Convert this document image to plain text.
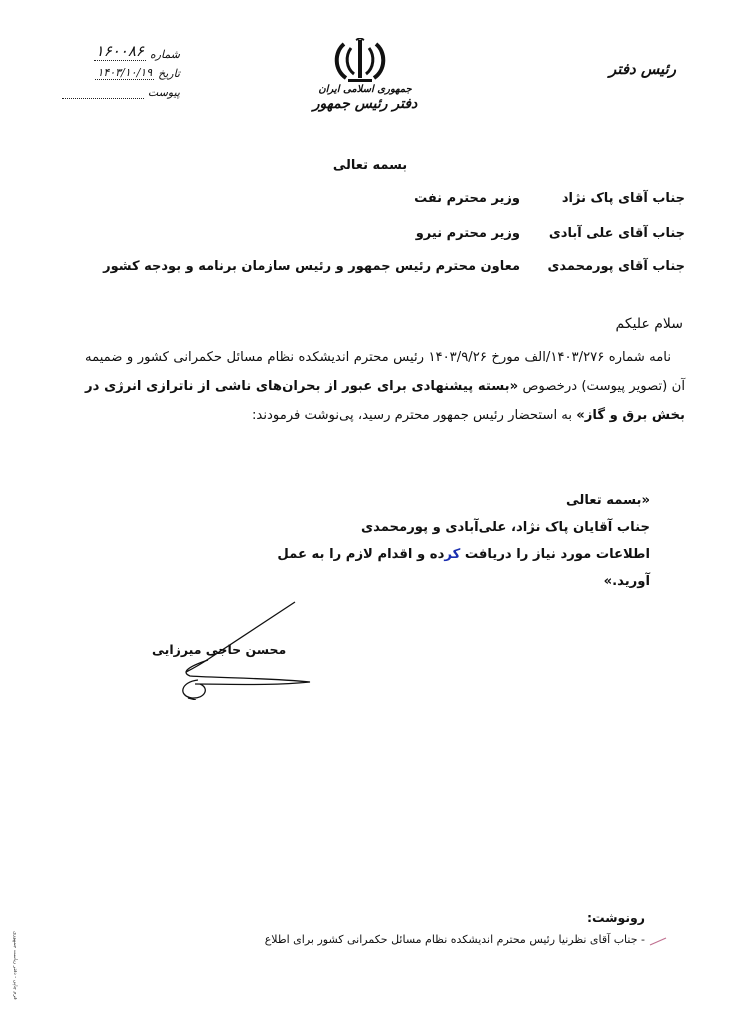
شماره
۱۶۰۰۸۶
تاریخ
۱۴۰۳/۱۰/۱۹
پیوست	جمهوری اسلامی ایران
دفتر رئیس جمهور
رئیس دفتر
بسمه تعالی
جناب آقای پاک نژاد
وزیر محترم نفت
جناب آقای علی آبادی
وزیر محترم نیرو
جناب آقای پورمحمدی
معاون محترم رئیس جمهور و رئیس سازمان برنامه و بودجه کشور
سلام علیکم

نامه شماره ۱۴۰۳/۲۷۶/الف مورخ ۱۴۰۳/۹/۲۶ رئیس محترم اندیشکده نظام مسائل حکمرانی کشور و ضمیمه آن (تصویر پیوست) درخصوص «بسته پیشنهادی برای عبور از بحران‌های ناشی از ناترازی انرژی در بخش برق و گاز» به استحضار رئیس جمهور محترم رسید، پی‌نوشت فرمودند:

«بسمه تعالی
جناب آقایان پاک نژاد، علی‌آبادی و پورمحمدی
اطلاعات مورد نیاز را دریافت کرده و اقدام لازم را به عمل آورید.»
محسن حاجی میرزایی
رونوشت:
- جناب آقای نظرنیا رئیس محترم اندیشکده نظام مسائل حکمرانی کشور برای اطلاع
فرم چاپی - دفتر ریاست جمهوری
